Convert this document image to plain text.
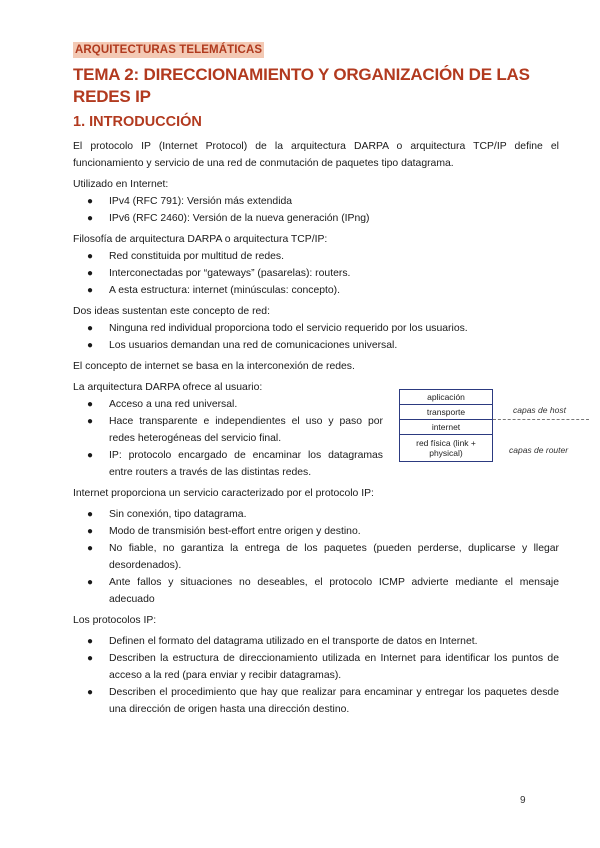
ARQUITECTURAS TELEMÁTICAS
TEMA 2: DIRECCIONAMIENTO Y ORGANIZACIÓN DE LAS REDES IP
1. INTRODUCCIÓN

El protocolo IP (Internet Protocol) de la arquitectura DARPA o arquitectura TCP/IP define el funcionamiento y servicio de una red de conmutación de paquetes tipo datagrama.

Utilizado en Internet:

● IPv4 (RFC 791): Versión más extendida
● IPv6 (RFC 2460): Versión de la nueva generación (IPng)

Filosofía de arquitectura DARPA o arquitectura TCP/IP:

● Red constituida por multitud de redes.
● Interconectadas por “gateways” (pasarelas): routers.
● A esta estructura: internet (minúsculas: concepto).

Dos ideas sustentan este concepto de red:

● Ninguna red individual proporciona todo el servicio requerido por los usuarios.
● Los usuarios demandan una red de comunicaciones universal.

El concepto de internet se basa en la interconexión de redes.

La arquitectura DARPA ofrece al usuario:

● Acceso a una red universal.
● Hace transparente e independientes el uso y paso por redes heterogéneas del servicio final.
● IP: protocolo encargado de encaminar los datagramas entre routers a través de las distintas redes.

Internet proporciona un servicio caracterizado por el protocolo IP:

● Sin conexión, tipo datagrama.
● Modo de transmisión best-effort entre origen y destino.
● No fiable, no garantiza la entrega de los paquetes (pueden perderse, duplicarse y llegar desordenados).
● Ante fallos y situaciones no deseables, el protocolo ICMP advierte mediante el mensaje adecuado

Los protocolos IP:

● Definen el formato del datagrama utilizado en el transporte de datos en Internet.
● Describen la estructura de direccionamiento utilizada en Internet para identificar los puntos de acceso a la red (para enviar y recibir datagramas).
● Describen el procedimiento que hay que realizar para encaminar y entregar los paquetes desde una dirección de origen hasta una dirección destino.
aplicación
transporte
internet
red física (link + physical)
capas de host
capas de router
9
